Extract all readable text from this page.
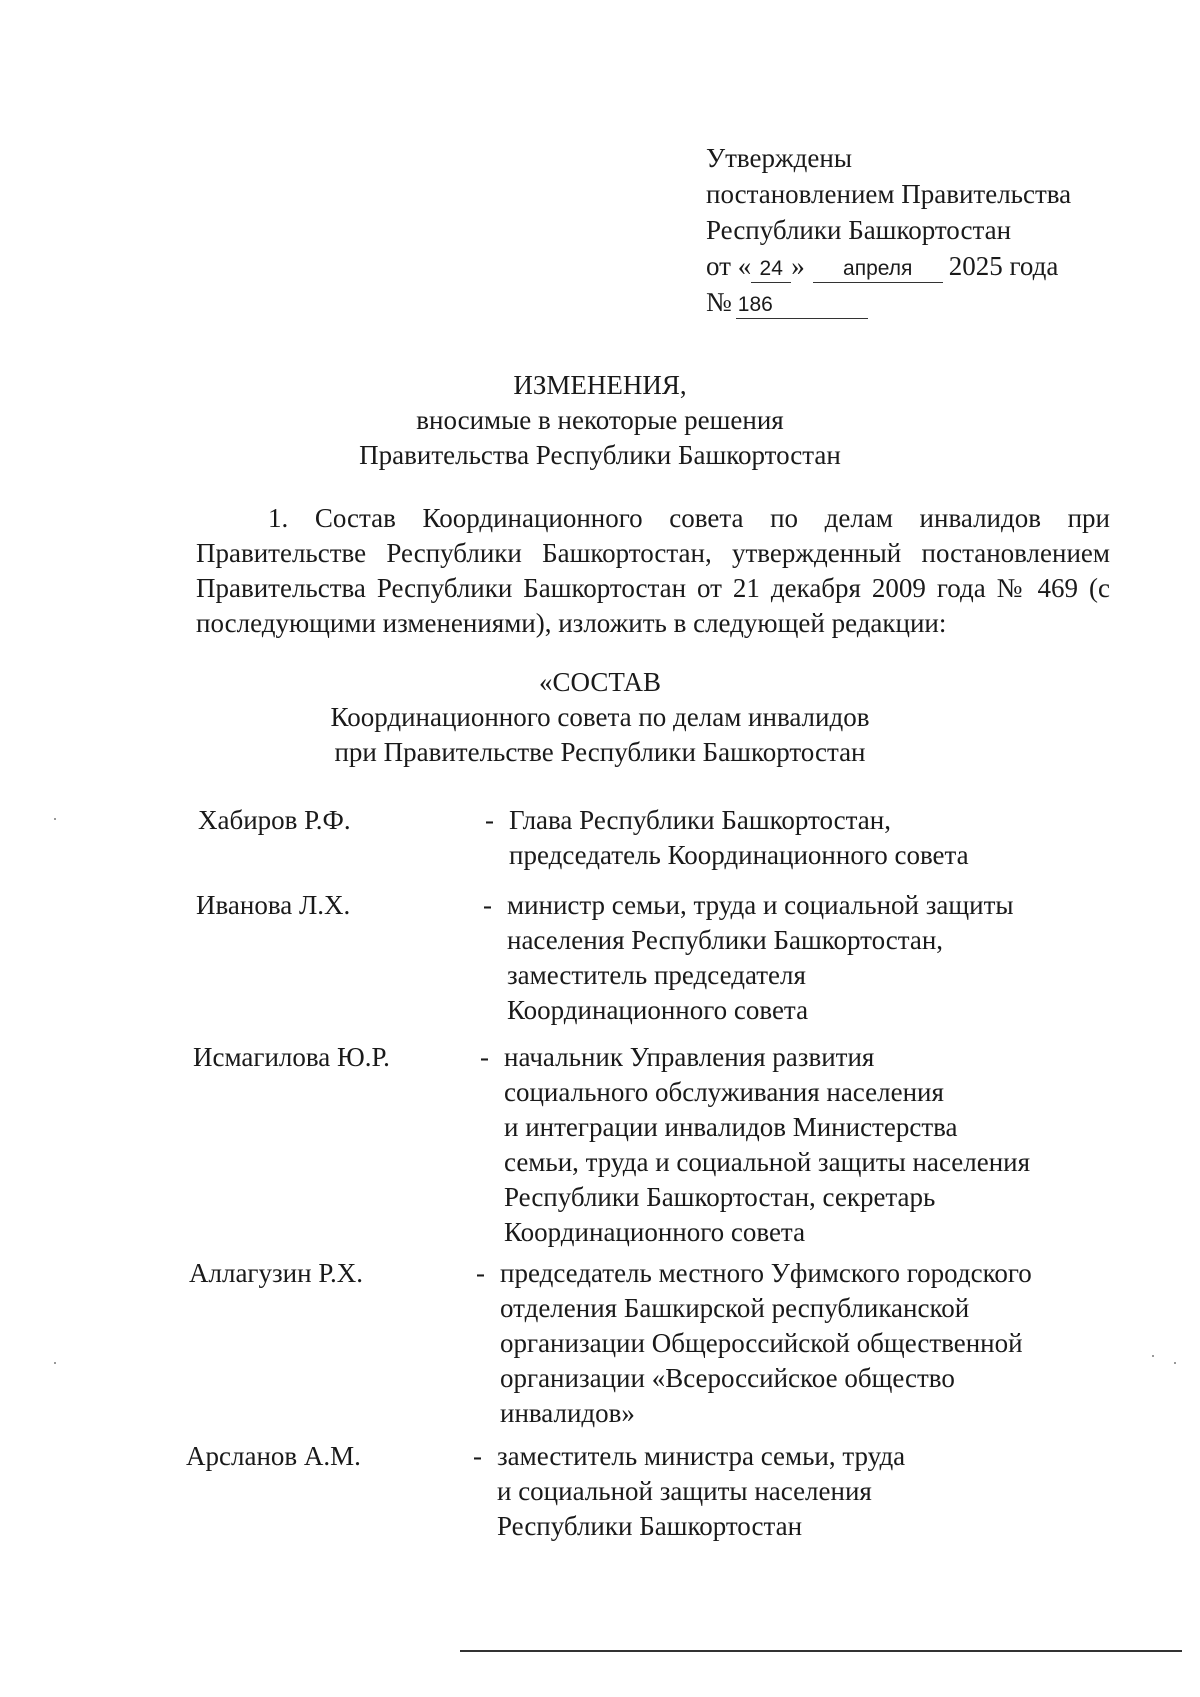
Утверждены
постановлением Правительства
Республики Башкортостан
от « 24 » апреля 2025 года
№ 186
ИЗМЕНЕНИЯ,
вносимые в некоторые решения
Правительства Республики Башкортостан
1. Состав Координационного совета по делам инвалидов при Правительстве Республики Башкортостан, утвержденный постановлением Правительства Республики Башкортостан от 21 декабря 2009 года № 469 (с последующими изменениями), изложить в следующей редакции:
«СОСТАВ
Координационного совета по делам инвалидов
при Правительстве Республики Башкортостан
Хабиров Р.Ф.	- Глава Республики Башкортостан,
председатель Координационного совета
Иванова Л.Х.	- министр семьи, труда и социальной защиты
населения Республики Башкортостан,
заместитель председателя
Координационного совета
Исмагилова Ю.Р.	- начальник Управления развития
социального обслуживания населения
и интеграции инвалидов Министерства
семьи, труда и социальной защиты населения
Республики Башкортостан, секретарь
Координационного совета
Аллагузин Р.Х.	- председатель местного Уфимского городского
отделения Башкирской республиканской
организации Общероссийской общественной
организации «Всероссийское общество
инвалидов»
Арсланов А.М.	- заместитель министра семьи, труда
и социальной защиты населения
Республики Башкортостан
